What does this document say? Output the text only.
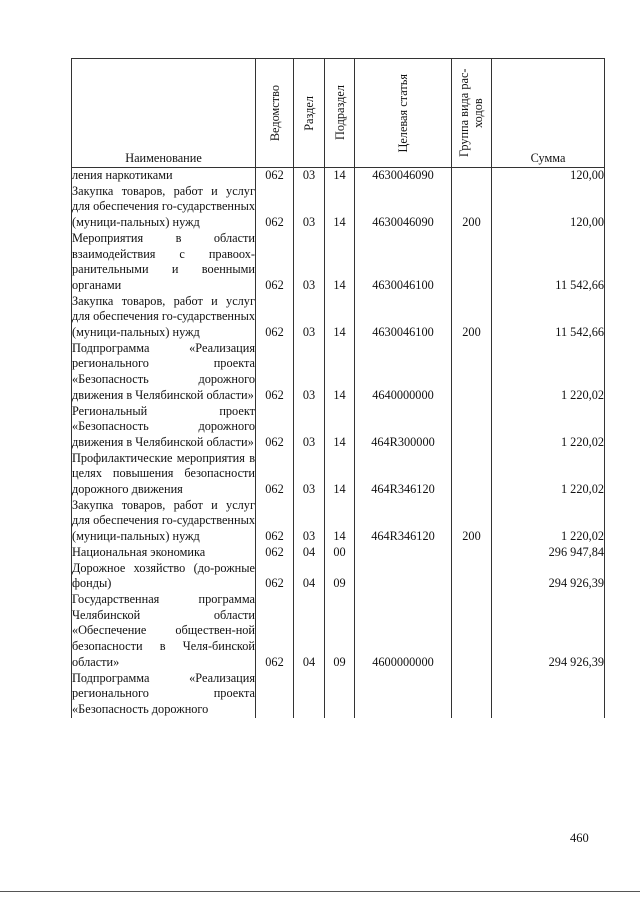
Наименование	Ведомство	Раздел	Подраздел	Целевая статья	Группа вида рас-ходов	Сумма
ления наркотиками	062	03	14	4630046090		120,00
Закупка товаров, работ и услуг для обеспечения го-сударственных (муници-пальных) нужд	062	03	14	4630046090	200	120,00
Мероприятия в области взаимодействия с правоох-ранительными и военными органами	062	03	14	4630046100		11 542,66
Закупка товаров, работ и услуг для обеспечения го-сударственных (муници-пальных) нужд	062	03	14	4630046100	200	11 542,66
Подпрограмма «Реализация регионального проекта «Безопасность дорожного движения в Челябинской области»	062	03	14	4640000000		1 220,02
Региональный проект «Безопасность дорожного движения в Челябинской области»	062	03	14	464R300000		1 220,02
Профилактические мероприятия в целях повышения безопасности дорожного движения	062	03	14	464R346120		1 220,02
Закупка товаров, работ и услуг для обеспечения го-сударственных (муници-пальных) нужд	062	03	14	464R346120	200	1 220,02
Национальная экономика	062	04	00			296 947,84
Дорожное хозяйство (до-рожные фонды)	062	04	09			294 926,39
Государственная программа Челябинской области «Обеспечение обществен-ной безопасности в Челя-бинской области»	062	04	09	4600000000		294 926,39
Подпрограмма «Реализация регионального проекта «Безопасность дорожного						
460
